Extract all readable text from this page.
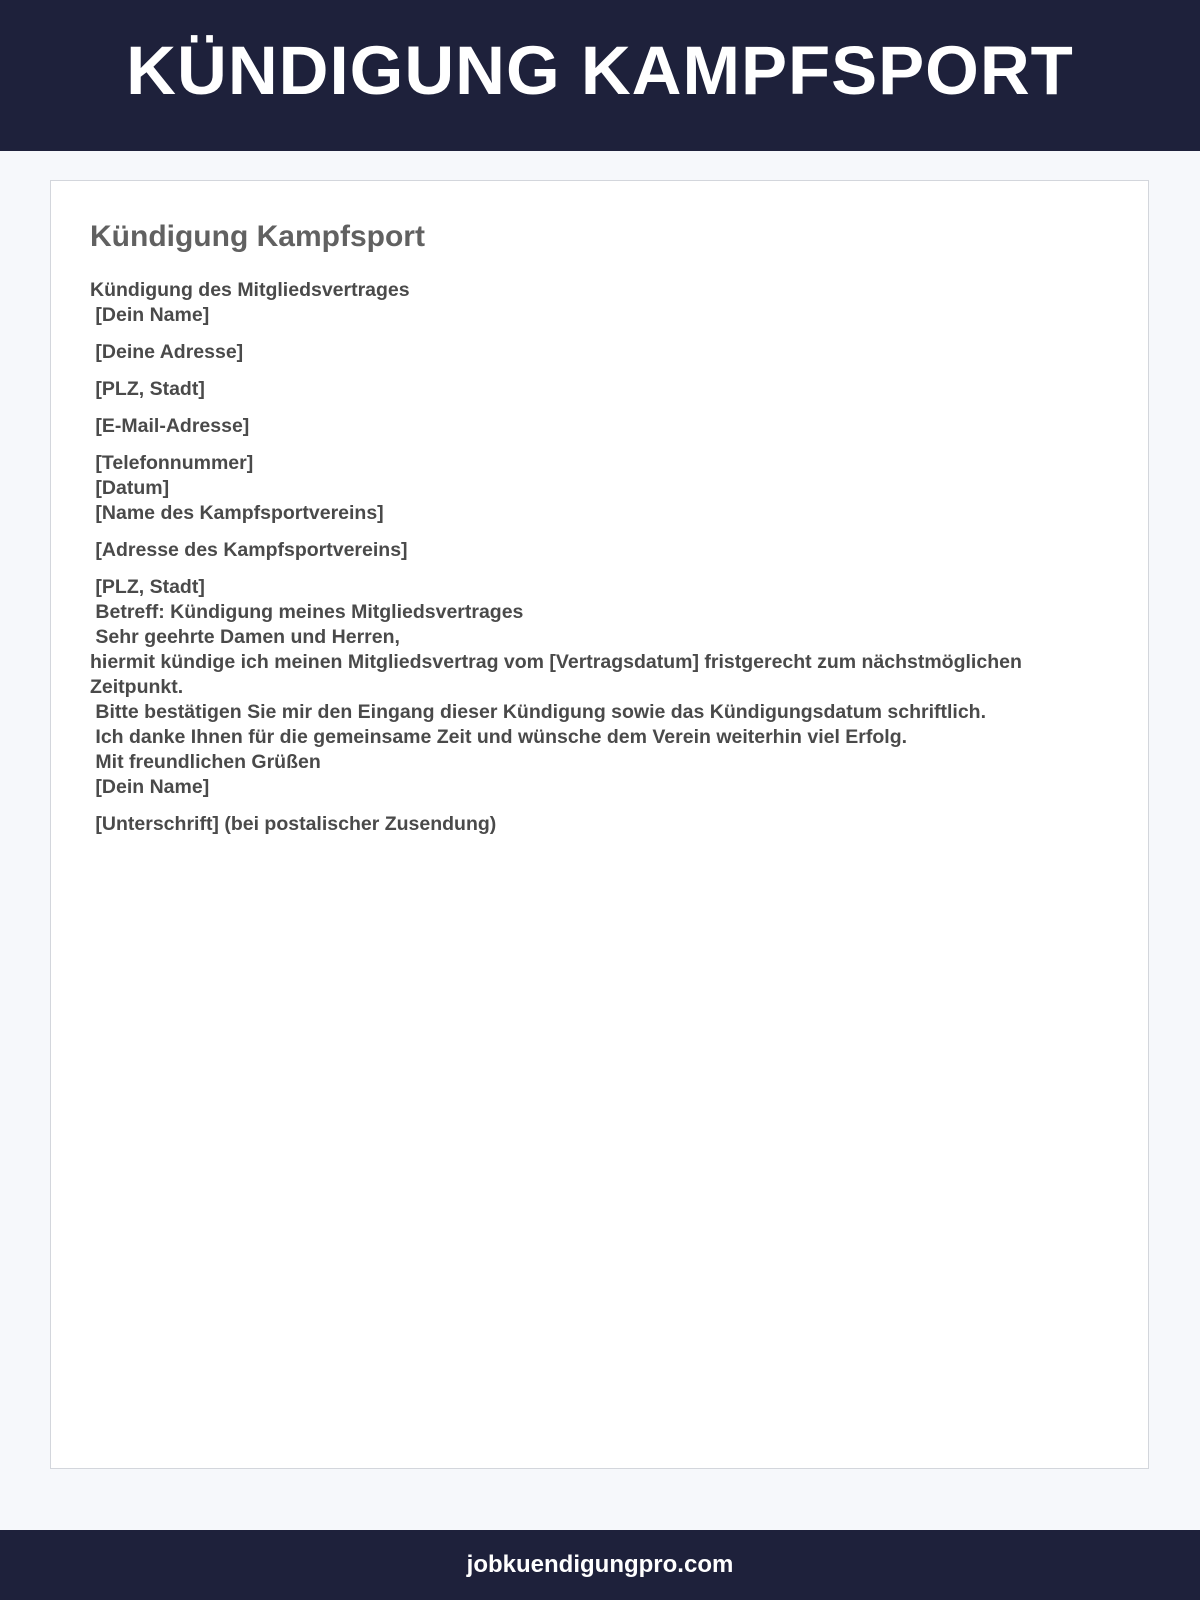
KÜNDIGUNG KAMPFSPORT
Kündigung Kampfsport
Kündigung des Mitgliedsvertrages
[Dein Name]
[Deine Adresse]
[PLZ, Stadt]
[E-Mail-Adresse]
[Telefonnummer]
[Datum]
[Name des Kampfsportvereins]
[Adresse des Kampfsportvereins]
[PLZ, Stadt]
Betreff: Kündigung meines Mitgliedsvertrages
Sehr geehrte Damen und Herren,
hiermit kündige ich meinen Mitgliedsvertrag vom [Vertragsdatum] fristgerecht zum nächstmöglichen Zeitpunkt.
Bitte bestätigen Sie mir den Eingang dieser Kündigung sowie das Kündigungsdatum schriftlich.
Ich danke Ihnen für die gemeinsame Zeit und wünsche dem Verein weiterhin viel Erfolg.
Mit freundlichen Grüßen
[Dein Name]
[Unterschrift] (bei postalischer Zusendung)
jobkuendigungpro.com
